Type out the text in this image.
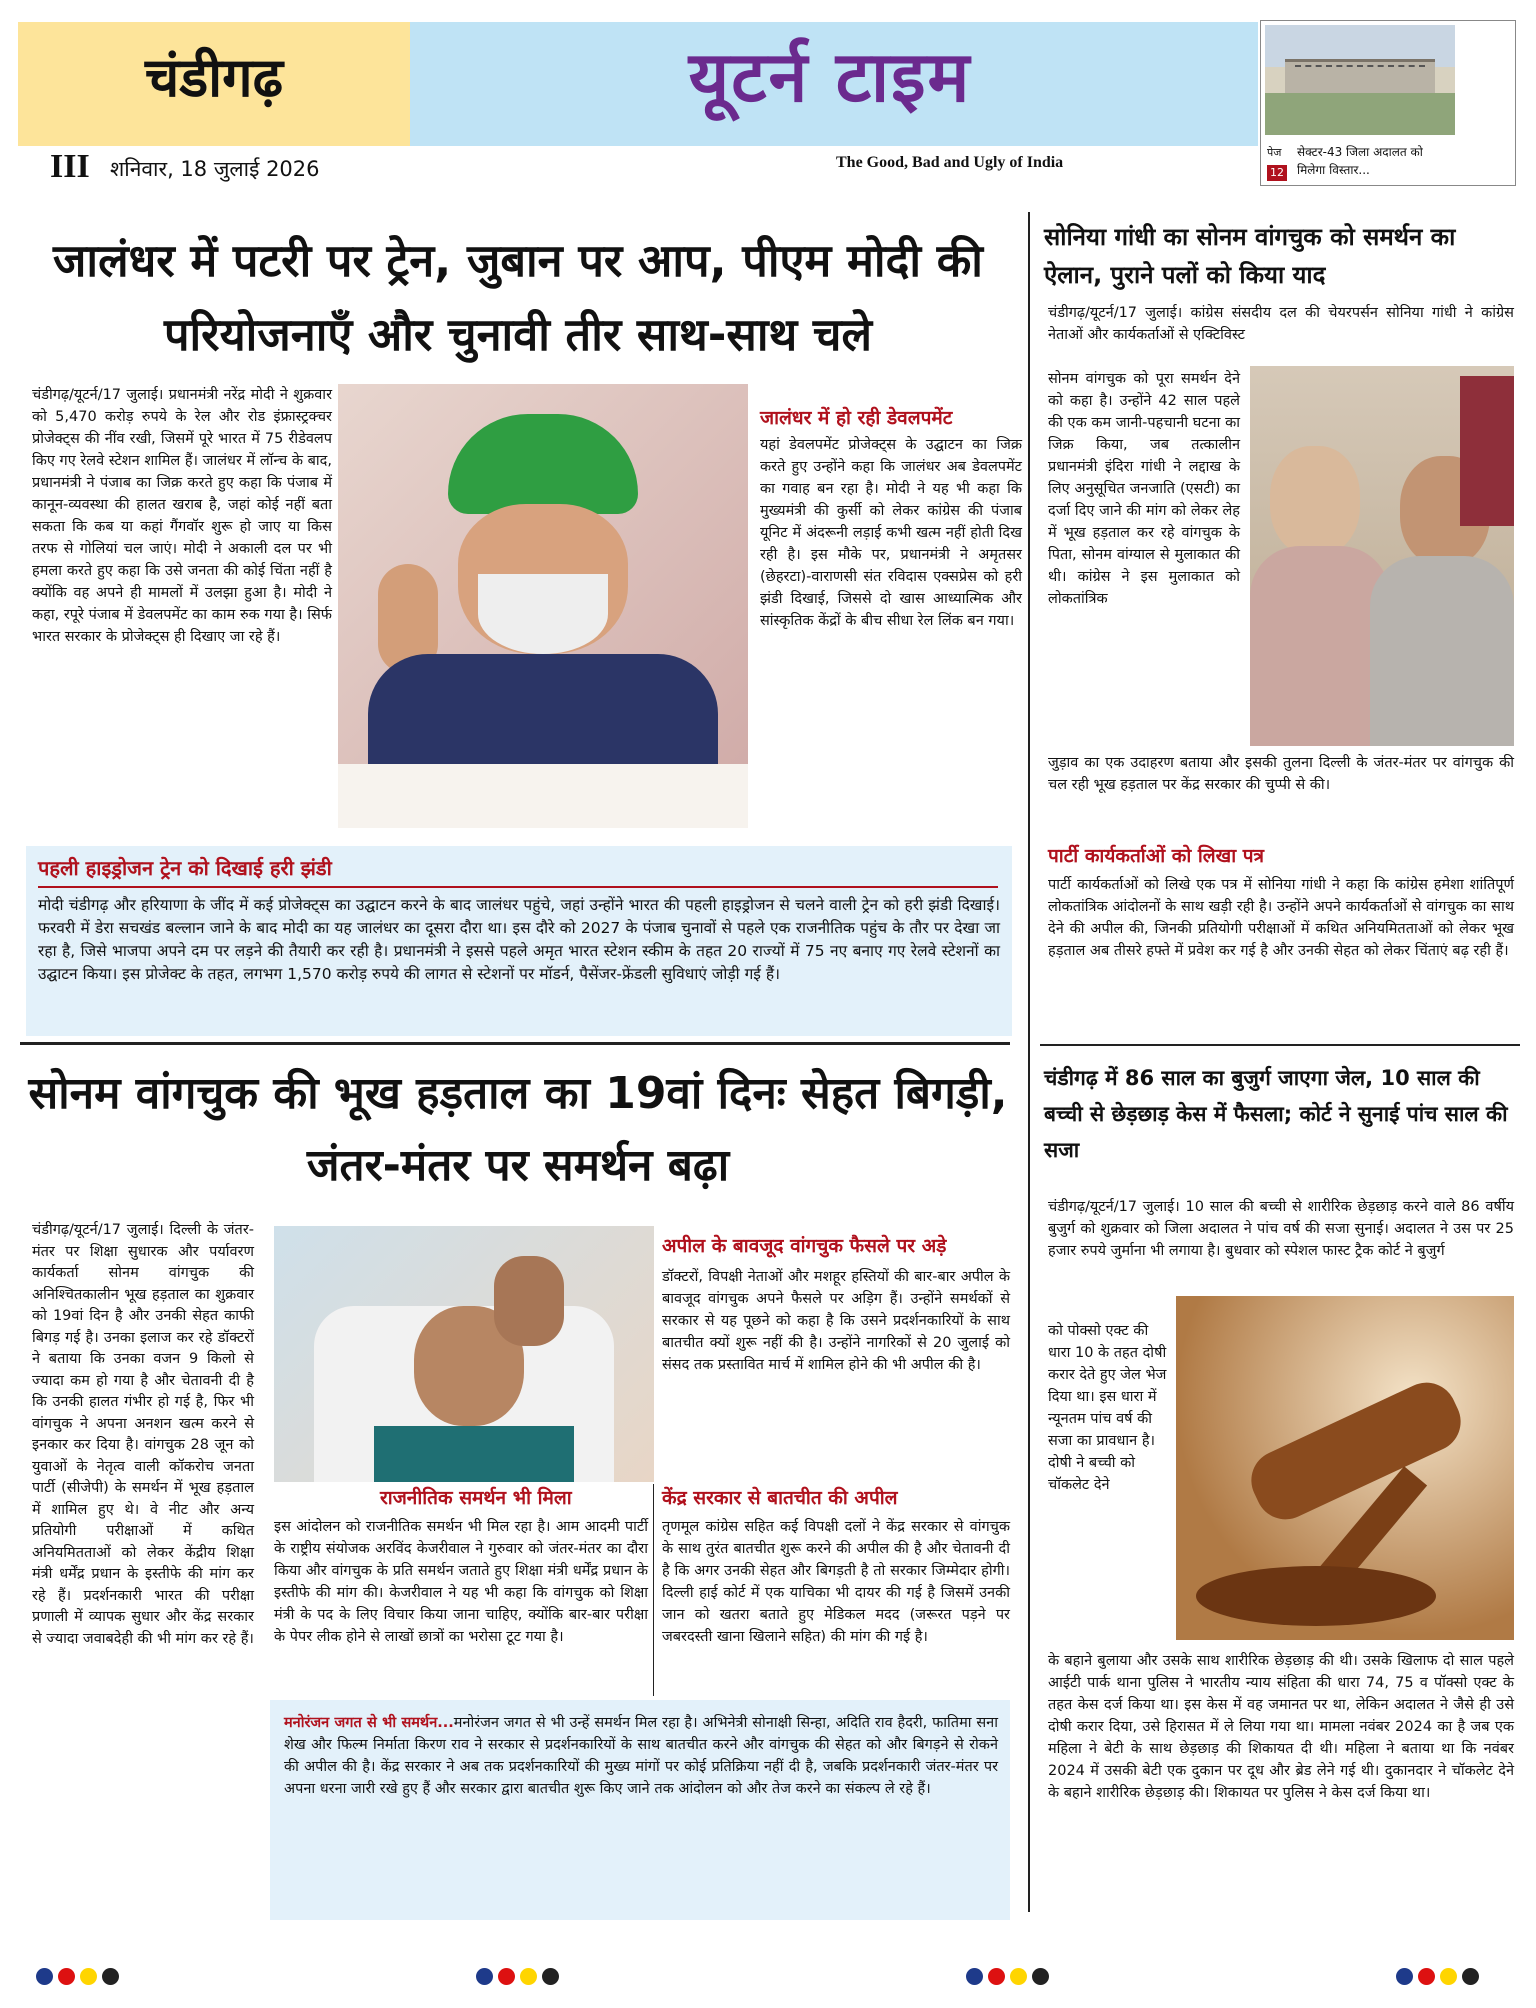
चंडीगढ़	यूटर्न टाइम
III शनिवार, 18 जुलाई 2026	The Good, Bad and Ugly of India
पेज
12
सेक्टर-43 जिला अदालत को मिलेगा विस्तार...
जालंधर में पटरी पर ट्रेन, जुबान पर आप, पीएम मोदी की परियोजनाएँ और चुनावी तीर साथ-साथ चले
चंडीगढ़/यूटर्न/17 जुलाई। प्रधानमंत्री नरेंद्र मोदी ने शुक्रवार को 5,470 करोड़ रुपये के रेल और रोड इंफ्रास्ट्रक्चर प्रोजेक्ट्स की नींव रखी, जिसमें पूरे भारत में 75 रीडेवलप किए गए रेलवे स्टेशन शामिल हैं। जालंधर में लॉन्च के बाद, प्रधानमंत्री ने पंजाब का जिक्र करते हुए कहा कि पंजाब में कानून-व्यवस्था की हालत खराब है, जहां कोई नहीं बता सकता कि कब या कहां गैंगवॉर शुरू हो जाए या किस तरफ से गोलियां चल जाएं। मोदी ने अकाली दल पर भी हमला करते हुए कहा कि उसे जनता की कोई चिंता नहीं है क्योंकि वह अपने ही मामलों में उलझा हुआ है। मोदी ने कहा, रपूरे पंजाब में डेवलपमेंट का काम रुक गया है। सिर्फ भारत सरकार के प्रोजेक्ट्स ही दिखाए जा रहे हैं।
जालंधर में हो रही डेवलपमेंट
यहां डेवलपमेंट प्रोजेक्ट्स के उद्घाटन का जिक्र करते हुए उन्होंने कहा कि जालंधर अब डेवलपमेंट का गवाह बन रहा है। मोदी ने यह भी कहा कि मुख्यमंत्री की कुर्सी को लेकर कांग्रेस की पंजाब यूनिट में अंदरूनी लड़ाई कभी खत्म नहीं होती दिख रही है। इस मौके पर, प्रधानमंत्री ने अमृतसर (छेहरटा)-वाराणसी संत रविदास एक्सप्रेस को हरी झंडी दिखाई, जिससे दो खास आध्यात्मिक और सांस्कृतिक केंद्रों के बीच सीधा रेल लिंक बन गया।
पहली हाइड्रोजन ट्रेन को दिखाई हरी झंडी
मोदी चंडीगढ़ और हरियाणा के जींद में कई प्रोजेक्ट्स का उद्घाटन करने के बाद जालंधर पहुंचे, जहां उन्होंने भारत की पहली हाइड्रोजन से चलने वाली ट्रेन को हरी झंडी दिखाई। फरवरी में डेरा सचखंड बल्लान जाने के बाद मोदी का यह जालंधर का दूसरा दौरा था। इस दौरे को 2027 के पंजाब चुनावों से पहले एक राजनीतिक पहुंच के तौर पर देखा जा रहा है, जिसे भाजपा अपने दम पर लड़ने की तैयारी कर रही है। प्रधानमंत्री ने इससे पहले अमृत भारत स्टेशन स्कीम के तहत 20 राज्यों में 75 नए बनाए गए रेलवे स्टेशनों का उद्घाटन किया। इस प्रोजेक्ट के तहत, लगभग 1,570 करोड़ रुपये की लागत से स्टेशनों पर मॉडर्न, पैसेंजर-फ्रेंडली सुविधाएं जोड़ी गई हैं।
सोनम वांगचुक की भूख हड़ताल का 19वां दिनः सेहत बिगड़ी, जंतर-मंतर पर समर्थन बढ़ा
चंडीगढ़/यूटर्न/17 जुलाई। दिल्ली के जंतर-मंतर पर शिक्षा सुधारक और पर्यावरण कार्यकर्ता सोनम वांगचुक की अनिश्चितकालीन भूख हड़ताल का शुक्रवार को 19वां दिन है और उनकी सेहत काफी बिगड़ गई है। उनका इलाज कर रहे डॉक्टरों ने बताया कि उनका वजन 9 किलो से ज्यादा कम हो गया है और चेतावनी दी है कि उनकी हालत गंभीर हो गई है, फिर भी वांगचुक ने अपना अनशन खत्म करने से इनकार कर दिया है। वांगचुक 28 जून को युवाओं के नेतृत्व वाली कॉकरोच जनता पार्टी (सीजेपी) के समर्थन में भूख हड़ताल में शामिल हुए थे। वे नीट और अन्य प्रतियोगी परीक्षाओं में कथित अनियमितताओं को लेकर केंद्रीय शिक्षा मंत्री धर्मेंद्र प्रधान के इस्तीफे की मांग कर रहे हैं। प्रदर्शनकारी भारत की परीक्षा प्रणाली में व्यापक सुधार और केंद्र सरकार से ज्यादा जवाबदेही की भी मांग कर रहे हैं।
अपील के बावजूद वांगचुक फैसले पर अड़े
डॉक्टरों, विपक्षी नेताओं और मशहूर हस्तियों की बार-बार अपील के बावजूद वांगचुक अपने फैसले पर अड़िग हैं। उन्होंने समर्थकों से सरकार से यह पूछने को कहा है कि उसने प्रदर्शनकारियों के साथ बातचीत क्यों शुरू नहीं की है। उन्होंने नागरिकों से 20 जुलाई को संसद तक प्रस्तावित मार्च में शामिल होने की भी अपील की है।
राजनीतिक समर्थन भी मिला
इस आंदोलन को राजनीतिक समर्थन भी मिल रहा है। आम आदमी पार्टी के राष्ट्रीय संयोजक अरविंद केजरीवाल ने गुरुवार को जंतर-मंतर का दौरा किया और वांगचुक के प्रति समर्थन जताते हुए शिक्षा मंत्री धर्मेंद्र प्रधान के इस्तीफे की मांग की। केजरीवाल ने यह भी कहा कि वांगचुक को शिक्षा मंत्री के पद के लिए विचार किया जाना चाहिए, क्योंकि बार-बार परीक्षा के पेपर लीक होने से लाखों छात्रों का भरोसा टूट गया है।
केंद्र सरकार से बातचीत की अपील
तृणमूल कांग्रेस सहित कई विपक्षी दलों ने केंद्र सरकार से वांगचुक के साथ तुरंत बातचीत शुरू करने की अपील की है और चेतावनी दी है कि अगर उनकी सेहत और बिगड़ती है तो सरकार जिम्मेदार होगी। दिल्ली हाई कोर्ट में एक याचिका भी दायर की गई है जिसमें उनकी जान को खतरा बताते हुए मेडिकल मदद (जरूरत पड़ने पर जबरदस्ती खाना खिलाने सहित) की मांग की गई है।
मनोरंजन जगत से भी समर्थन...मनोरंजन जगत से भी उन्हें समर्थन मिल रहा है। अभिनेत्री सोनाक्षी सिन्हा, अदिति राव हैदरी, फातिमा सना शेख और फिल्म निर्माता किरण राव ने सरकार से प्रदर्शनकारियों के साथ बातचीत करने और वांगचुक की सेहत को और बिगड़ने से रोकने की अपील की है। केंद्र सरकार ने अब तक प्रदर्शनकारियों की मुख्य मांगों पर कोई प्रतिक्रिया नहीं दी है, जबकि प्रदर्शनकारी जंतर-मंतर पर अपना धरना जारी रखे हुए हैं और सरकार द्वारा बातचीत शुरू किए जाने तक आंदोलन को और तेज करने का संकल्प ले रहे हैं।
सोनिया गांधी का सोनम वांगचुक को समर्थन का ऐलान, पुराने पलों को किया याद
चंडीगढ़/यूटर्न/17 जुलाई। कांग्रेस संसदीय दल की चेयरपर्सन सोनिया गांधी ने कांग्रेस नेताओं और कार्यकर्ताओं से एक्टिविस्ट
सोनम वांगचुक को पूरा समर्थन देने को कहा है। उन्होंने 42 साल पहले की एक कम जानी-पहचानी घटना का जिक्र किया, जब तत्कालीन प्रधानमंत्री इंदिरा गांधी ने लद्दाख के लिए अनुसूचित जनजाति (एसटी) का दर्जा दिए जाने की मांग को लेकर लेह में भूख हड़ताल कर रहे वांगचुक के पिता, सोनम वांग्याल से मुलाकात की थी। कांग्रेस ने इस मुलाकात को लोकतांत्रिक
जुड़ाव का एक उदाहरण बताया और इसकी तुलना दिल्ली के जंतर-मंतर पर वांगचुक की चल रही भूख हड़ताल पर केंद्र सरकार की चुप्पी से की।
पार्टी कार्यकर्ताओं को लिखा पत्र
पार्टी कार्यकर्ताओं को लिखे एक पत्र में सोनिया गांधी ने कहा कि कांग्रेस हमेशा शांतिपूर्ण लोकतांत्रिक आंदोलनों के साथ खड़ी रही है। उन्होंने अपने कार्यकर्ताओं से वांगचुक का साथ देने की अपील की, जिनकी प्रतियोगी परीक्षाओं में कथित अनियमितताओं को लेकर भूख हड़ताल अब तीसरे हफ्ते में प्रवेश कर गई है और उनकी सेहत को लेकर चिंताएं बढ़ रही हैं।
चंडीगढ़ में 86 साल का बुजुर्ग जाएगा जेल, 10 साल की बच्ची से छेड़छाड़ केस में फैसला; कोर्ट ने सुनाई पांच साल की सजा
चंडीगढ़/यूटर्न/17 जुलाई। 10 साल की बच्ची से शारीरिक छेड़छाड़ करने वाले 86 वर्षीय बुजुर्ग को शुक्रवार को जिला अदालत ने पांच वर्ष की सजा सुनाई। अदालत ने उस पर 25 हजार रुपये जुर्माना भी लगाया है। बुधवार को स्पेशल फास्ट ट्रैक कोर्ट ने बुजुर्ग
को पोक्सो एक्ट की धारा 10 के तहत दोषी करार देते हुए जेल भेज दिया था। इस धारा में न्यूनतम पांच वर्ष की सजा का प्रावधान है। दोषी ने बच्ची को चॉकलेट देने
के बहाने बुलाया और उसके साथ शारीरिक छेड़छाड़ की थी। उसके खिलाफ दो साल पहले आईटी पार्क थाना पुलिस ने भारतीय न्याय संहिता की धारा 74, 75 व पॉक्सो एक्ट के तहत केस दर्ज किया था। इस केस में वह जमानत पर था, लेकिन अदालत ने जैसे ही उसे दोषी करार दिया, उसे हिरासत में ले लिया गया था। मामला नवंबर 2024 का है जब एक महिला ने बेटी के साथ छेड़छाड़ की शिकायत दी थी। महिला ने बताया था कि नवंबर 2024 में उसकी बेटी एक दुकान पर दूध और ब्रेड लेने गई थी। दुकानदार ने चॉकलेट देने के बहाने शारीरिक छेड़छाड़ की। शिकायत पर पुलिस ने केस दर्ज किया था।
